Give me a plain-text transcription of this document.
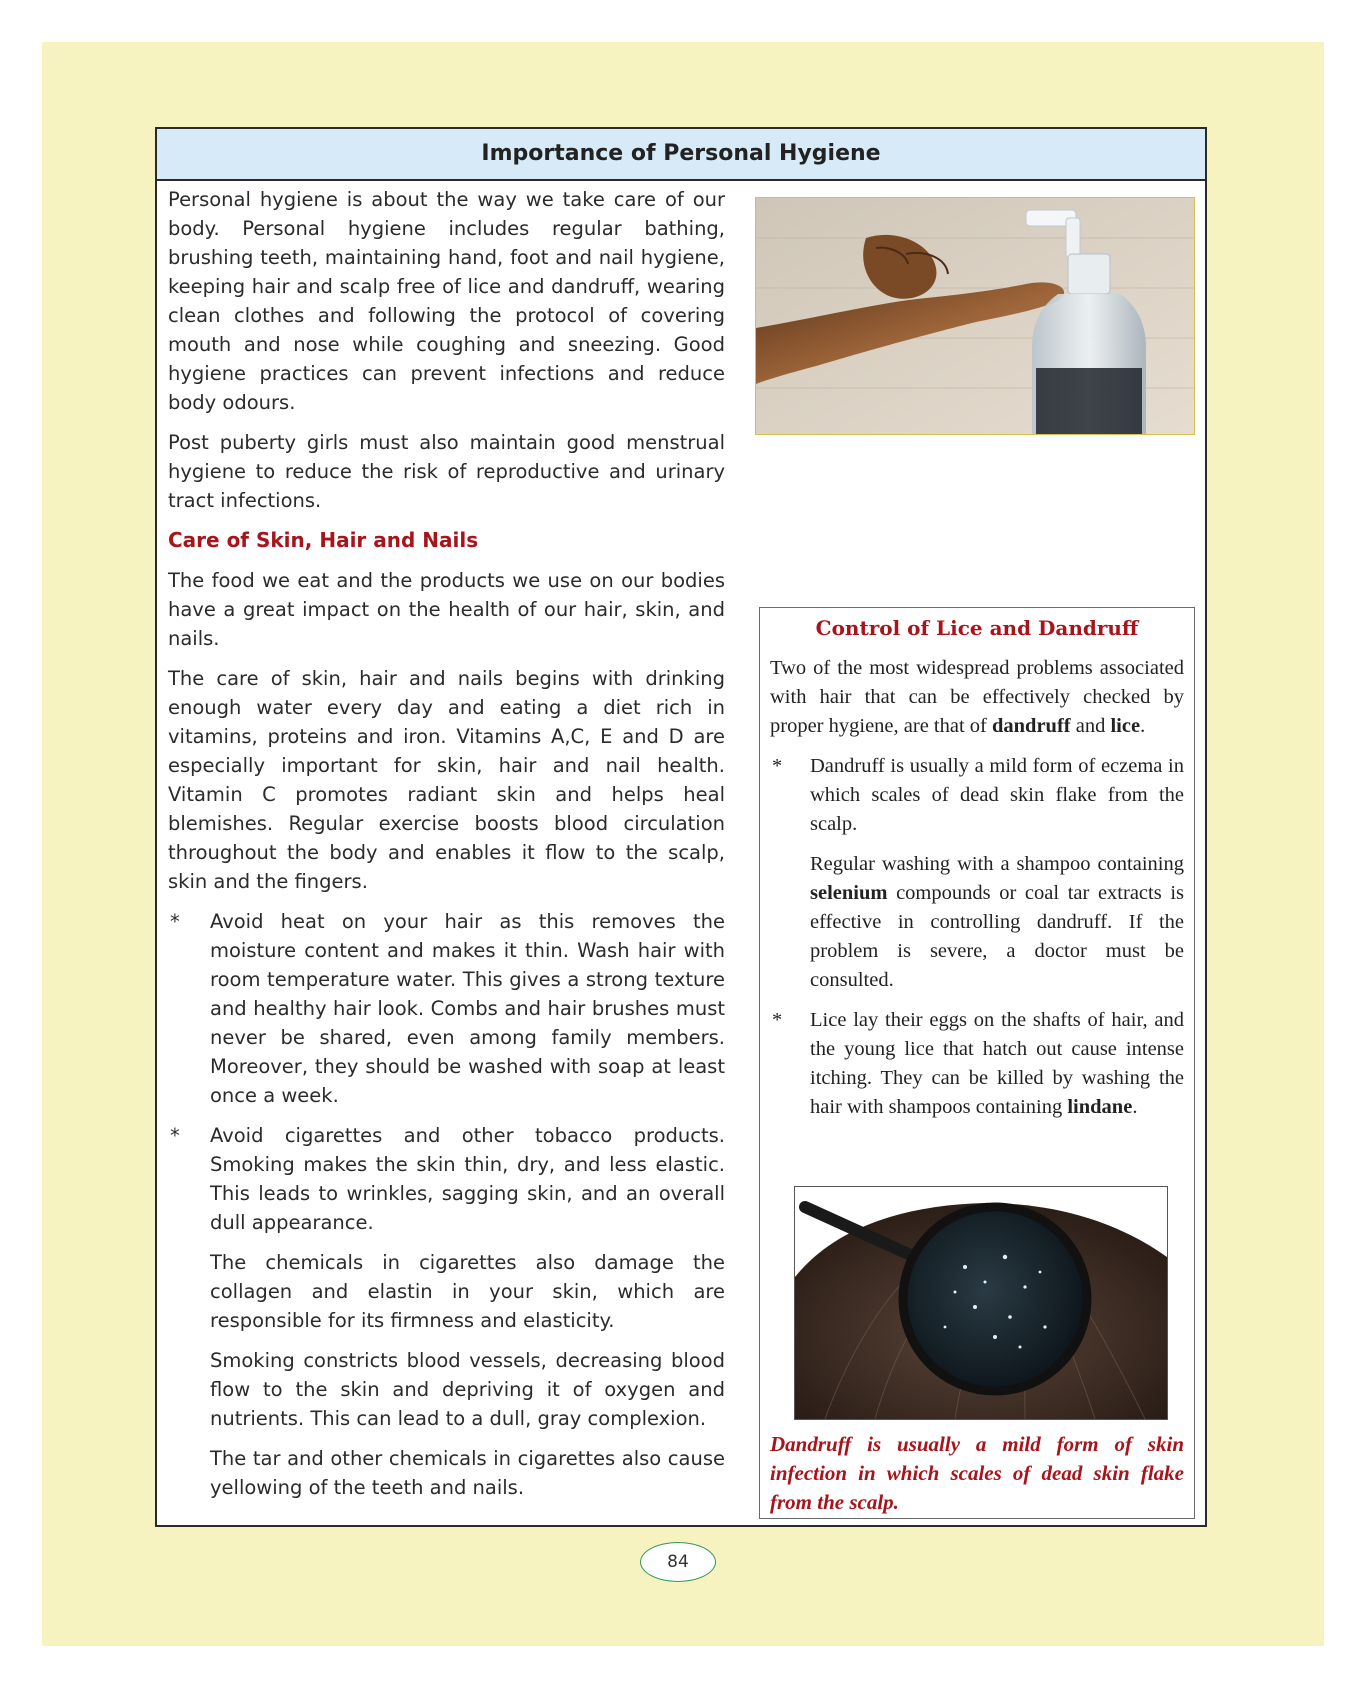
Importance of Personal Hygiene

Personal hygiene is about the way we take care of our body. Personal hygiene includes regular bathing, brushing teeth, maintaining hand, foot and nail hygiene, keeping hair and scalp free of lice and dandruff, wearing clean clothes and following the protocol of covering mouth and nose while coughing and sneezing. Good hygiene practices can prevent infections and reduce body odours.

Post puberty girls must also maintain good menstrual hygiene to reduce the risk of reproductive and urinary tract infections.

Care of Skin, Hair and Nails

The food we eat and the products we use on our bodies have a great impact on the health of our hair, skin, and nails.

The care of skin, hair and nails begins with drinking enough water every day and eating a diet rich in vitamins, proteins and iron. Vitamins A,C, E and D are especially important for skin, hair and nail health. Vitamin C promotes radiant skin and helps heal blemishes. Regular exercise boosts blood circulation throughout the body and enables it flow to the scalp, skin and the fingers.

* Avoid heat on your hair as this removes the moisture content and makes it thin. Wash hair with room temperature water. This gives a strong texture and healthy hair look. Combs and hair brushes must never be shared, even among family members. Moreover, they should be washed with soap at least once a week.
* Avoid cigarettes and other tobacco products. Smoking makes the skin thin, dry, and less elastic. This leads to wrinkles, sagging skin, and an overall dull appearance.

The chemicals in cigarettes also damage the collagen and elastin in your skin, which are responsible for its firmness and elasticity.

Smoking constricts blood vessels, decreasing blood flow to the skin and depriving it of oxygen and nutrients. This can lead to a dull, gray complexion.

The tar and other chemicals in cigarettes also cause yellowing of the teeth and nails.

Control of Lice and Dandruff

Two of the most widespread problems associated with hair that can be effectively checked by proper hygiene, are that of dandruff and lice.

* Dandruff is usually a mild form of eczema in which scales of dead skin flake from the scalp.

Regular washing with a shampoo containing selenium compounds or coal tar extracts is effective in controlling dandruff. If the problem is severe, a doctor must be consulted.

* Lice lay their eggs on the shafts of hair, and the young lice that hatch out cause intense itching. They can be killed by washing the hair with shampoos containing lindane.
Dandruff is usually a mild form of skin infection in which scales of dead skin flake from the scalp.
84
